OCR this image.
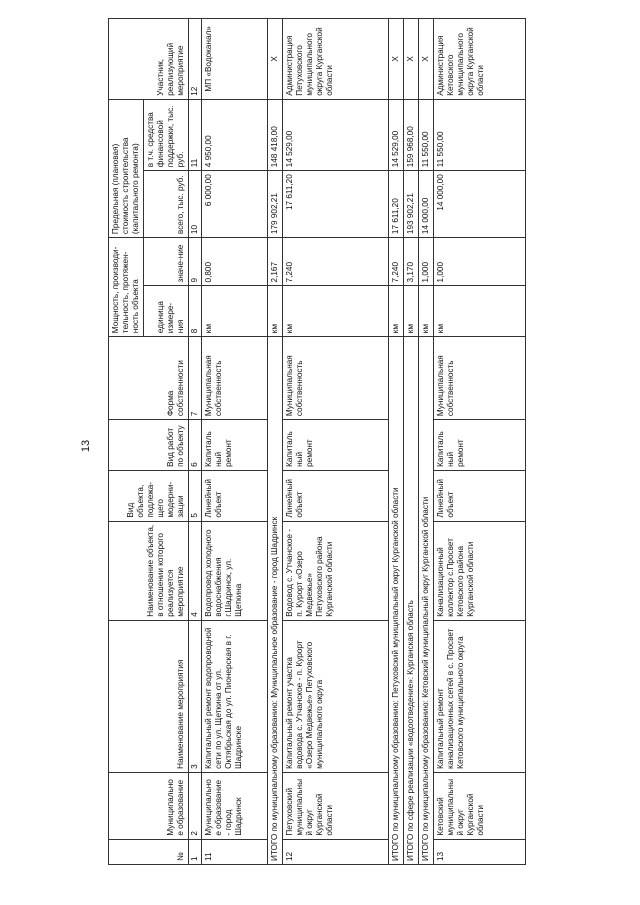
13
№	Муниципальное образование	Наименование мероприятия	Наименование объекта, в отношении которого реализуется мероприятие	Вид объекта, подлежа-щего модерни-зации	Вид работ по объекту	Форма собственности	Мощность, производи-тельность, протяжен-ность объекта		Предельная (плановая) стоимость строительства (капитального ремонта)		Участник, реализующий мероприятие
							единица измере-ния	значе-ние	всего, тыс. руб.	в т.ч. средства финансовой поддержки, тыс. руб.	
1	2	3	4	5	6	7	8	9	10	11	12
11	Муниципальное образование - город Шадринск	Капитальный ремонт водопроводной сети по ул. Щеткина от ул. Октябрьская до ул. Пионерская в г. Шадринске	Водопровод холодного водоснабжения г.Шадринск, ул. Щеткина	Линейный объект	Капиталь ный ремонт	Муниципальная собственность	км	0,800	6 000,00	4 950,00	МП «Водоканал»
ИТОГО по муниципальному образованию: Муниципальное образование - город Шадринск							км	2,167	179 902,21	148 418,00	X
12	Петуховский муниципальный округ Курганской области	Капитальный ремонт участка водовода с. Утчанское - п. Курорт «Озеро Медвежье» Петуховского муниципального округа	Водовод с. Утчанское - п. Курорт «Озеро Медвежье» Петуховского района Курганской области	Линейный объект	Капиталь ный ремонт	Муниципальная собственность	км	7,240	17 611,20	14 529,00	Администрация Петуховского муниципального округа Курганской области
ИТОГО по муниципальному образованию: Петуховский муниципальный округ Курганской области							км	7,240	17 611,20	14 529,00	X
ИТОГО по сфере реализации «водоотведение»: Курганская область							км	3,170	193 902,21	159 968,00	X
ИТОГО по муниципальному образованию: Кетовский муниципальный округ Курганской области							км	1,000	14 000,00	11 550,00	X
13	Кетовский муниципальный округ Курганской области	Капитальный ремонт канализационных сетей в с. Просвет Кетовского муниципального округа	Канализационный коллектор с.Просвет Кетовского района Курганской области	Линейный объект	Капиталь ный ремонт	Муниципальная собственность	км	1,000	14 000,00	11 550,00	Администрация Кетовского муниципального округа Курганской области
